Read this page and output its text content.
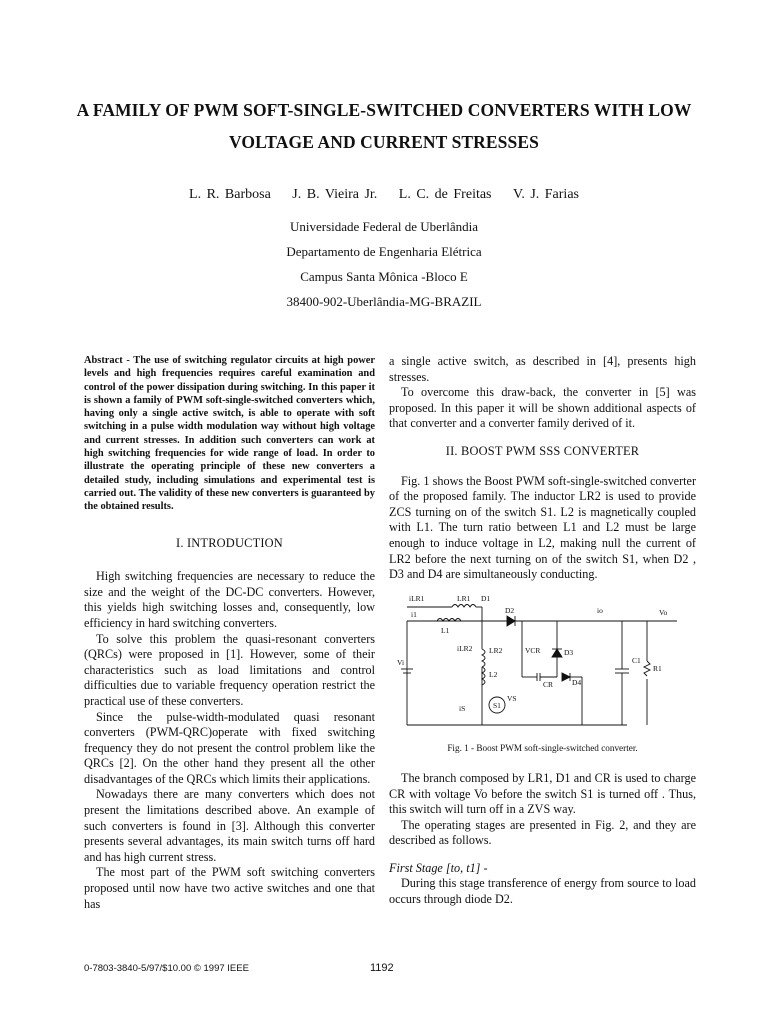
A FAMILY OF PWM SOFT-SINGLE-SWITCHED CONVERTERS WITH LOW
VOLTAGE AND CURRENT STRESSES
L. R. Barbosa J. B. Vieira Jr. L. C. de Freitas V. J. Farias
Universidade Federal de Uberlândia
Departamento de Engenharia Elétrica
Campus Santa Mônica -Bloco E
38400-902-Uberlândia-MG-BRAZIL

Abstract - The use of switching regulator circuits at high power levels and high frequencies requires careful examination and control of the power dissipation during switching. In this paper it is shown a family of PWM soft-single-switched converters which, having only a single active switch, is able to operate with soft switching in a pulse width modulation way without high voltage and current stresses. In addition such converters can work at high switching frequencies for wide range of load. In order to illustrate the operating principle of these new converters a detailed study, including simulations and experimental test is carried out. The validity of these new converters is guaranteed by the obtained results.

I. INTRODUCTION

High switching frequencies are necessary to reduce the size and the weight of the DC-DC converters. However, this yields high switching losses and, consequently, low efficiency in hard switching converters.

To solve this problem the quasi-resonant converters (QRCs) were proposed in [1]. However, some of their characteristics such as load limitations and control difficulties due to variable frequency operation restrict the practical use of these converters.

Since the pulse-width-modulated quasi resonant converters (PWM-QRC)operate with fixed switching frequency they do not present the control problem like the QRCs [2]. On the other hand they present all the other disadvantages of the QRCs which limits their applications.

Nowadays there are many converters which does not present the limitations described above. An example of such converters is found in [3]. Although this converter presents several advantages, its main switch turns off hard and has high current stress.

The most part of the PWM soft switching converters proposed until now have two active switches and one that has

a single active switch, as described in [4], presents high stresses.

To overcome this draw-back, the converter in [5] was proposed. In this paper it will be shown additional aspects of that converter and a converter family derived of it.

II. BOOST PWM SSS CONVERTER

Fig. 1 shows the Boost PWM soft-single-switched converter of the proposed family. The inductor LR2 is used to provide ZCS turning on of the switch S1. L2 is magnetically coupled with L1. The turn ratio between L1 and L2 must be large enough to induce voltage in L2, making null the current of LR2 before the next turning on of the switch S1, when D2 , D3 and D4 are simultaneously conducting.

iLR1	LR1 D1
i1	D2	io	Vo
L1
iLR2 LR2	VCR	D3
C1
R1
Vi
L2
CR	D4
iS	S1
VS
Fig. 1 - Boost PWM soft-single-switched converter.

The branch composed by LR1, D1 and CR is used to charge CR with voltage Vo before the switch S1 is turned off . Thus, this switch will turn off in a ZVS way.

The operating stages are presented in Fig. 2, and they are described as follows.

First Stage [to, t1] -

During this stage transference of energy from source to load occurs through diode D2.

0-7803-3840-5/97/$10.00 © 1997 IEEE	1192
